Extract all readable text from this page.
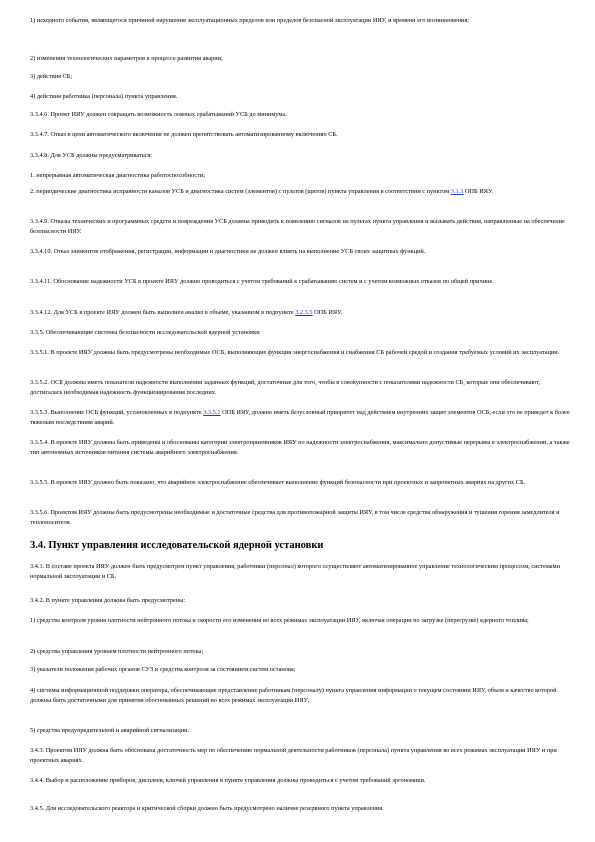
1) исходного события, являющегося причиной нарушения эксплуатационных пределов или пределов безопасной эксплуатации ИЯУ, и времени его возникновения;

2) изменения технологических параметров в процессе развития аварии;

3) действия СБ;

4) действия работника (персонала) пункта управления.

3.3.4.6. Проект ИЯУ должен сокращать возможность ложных срабатываний УСБ до минимума.

3.3.4.7. Отказ в цепи автоматического включения не должен препятствовать автоматизированному включению СБ.

3.3.4.8. Для УСБ должны предусматриваться:

1. непрерывная автоматическая диагностика работоспособности;

2. периодические диагностика исправности каналов УСБ и диагностика систем (элементов) с пультов (щитов) пункта управления в соответствии с пунктом 3.1.3 ОПБ ИЯУ.

3.3.4.9. Отказы технических и программных средств и повреждения УСБ должны приводить к появлению сигналов на пультах пункта управления и вызывать действия, направленные на обеспечение безопасности ИЯУ.

3.3.4.10. Отказ элементов отображения, регистрации, информации и диагностики не должен влиять на выполнение УСБ своих защитных функций.

3.3.4.11. Обоснование надежности УСБ в проекте ИЯУ должно проводиться с учетом требований к срабатыванию систем и с учетом возможных отказов по общей причине.

3.3.4.12. Для УСБ в проекте ИЯУ должен быть выполнен анализ в объеме, указанном в подпункте 3.2.3.5 ОПБ ИЯУ.

3.3.5. Обеспечивающие системы безопасности исследовательской ядерной установки

3.3.5.1. В проекте ИЯУ должны быть предусмотрены необходимые ОСБ, выполняющие функции энергоснабжения и снабжения СБ рабочей средой и создания требуемых условий их эксплуатации.

3.3.5.2. ОСБ должны иметь показатели надежности выполнения заданных функций, достаточные для того, чтобы в совокупности с показателями надежности СБ, которые они обеспечивают, достигалась необходимая надежность функционирования последних.

3.3.5.3. Выполнение ОСБ функций, установленных в подпункте 3.3.5.1 ОПБ ИЯУ, должно иметь безусловный приоритет над действием внутренних защит элементов ОСБ, если это не приведет к более тяжелым последствиям аварий.

3.3.5.4. В проекте ИЯУ должны быть приведены и обоснованы категории электроприемников ИЯУ по надежности электроснабжения, максимально допустимые перерывы в электроснабжении, а также тип автономных источников питания системы аварийного электроснабжения.

3.3.5.5. В проекте ИЯУ должно быть показано, что аварийное электроснабжение обеспечивает выполнение функций безопасности при проектных и запроектных авариях на других СБ.

3.3.5.6. Проектом ИЯУ должны быть предусмотрены необходимые и достаточные средства для противопожарной защиты ИЯУ, в том числе средства обнаружения и тушения горения замедлителя и теплоносителя.

3.4. Пункт управления исследовательской ядерной установки

3.4.1. В составе проекта ИЯУ должен быть предусмотрен пункт управления, работники (персонал) которого осуществляют автоматизированное управление технологическим процессом, системами нормальной эксплуатации и СБ.

3.4.2. В пункте управления должны быть предусмотрены:

1) средства контроля уровня плотности нейтронного потока и скорости его изменения во всех режимах эксплуатации ИЯУ, включая операции по загрузке (перегрузке) ядерного топлива;

2) средства управления уровнем плотности нейтронного потока;

3) указатели положения рабочих органов СУЗ и средства контроля за состоянием систем останова;

4) системы информационной поддержки оператора, обеспечивающие представление работникам (персоналу) пункта управления информации о текущем состоянии ИЯУ, объем и качество которой должны быть достаточными для принятия обоснованных решений во всех режимах эксплуатации ИЯУ;

5) средства предупредительной и аварийной сигнализации.

3.4.3. Проектом ИЯУ должна быть обоснована достаточность мер по обеспечению нормальной деятельности работников (персонала) пункта управления во всех режимах эксплуатации ИЯУ и при проектных авариях.

3.4.4. Выбор и расположение приборов, дисплеев, ключей управления в пункте управления должны проводиться с учетом требований эргономики.

3.4.5. Для исследовательского реактора и критической сборки должно быть предусмотрено наличие резервного пункта управления.
